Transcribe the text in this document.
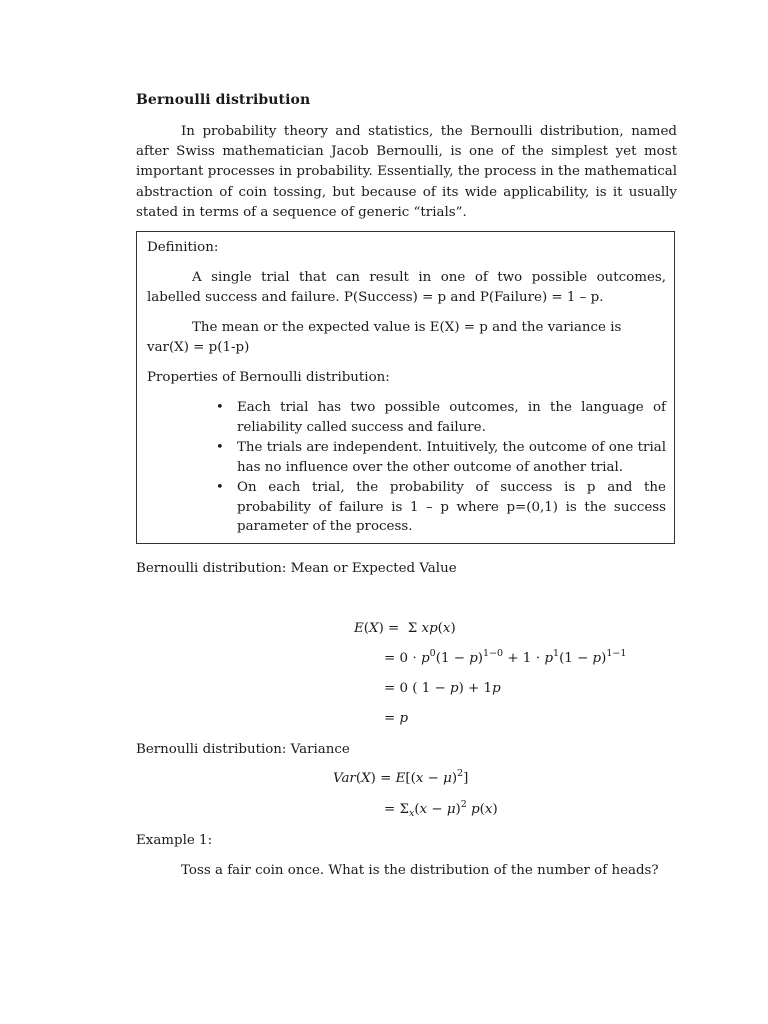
Bernoulli distribution
In probability theory and statistics, the Bernoulli distribution, named after Swiss mathematician Jacob Bernoulli, is one of the simplest yet most important processes in probability. Essentially, the process in the mathematical abstraction of coin tossing, but because of its wide applicability, is it usually stated in terms of a sequence of generic “trials”.
Definition:
A single trial that can result in one of two possible outcomes, labelled success and failure. P(Success) = p and P(Failure) = 1 – p.
The mean or the expected value is E(X) = p and the variance is var(X) = p(1-p)
Properties of Bernoulli distribution:
• Each trial has two possible outcomes, in the language of reliability called success and failure.
• The trials are independent. Intuitively, the outcome of one trial has no influence over the other outcome of another trial.
• On each trial, the probability of success is p and the probability of failure is 1 – p where p=(0,1) is the success parameter of the process.
Bernoulli distribution: Mean or Expected Value
E(X) =  Σ xp(x)
= $0 \cdot p^0(1 - p)^{1-0} + 1 \cdot p^1(1 - p)^{1-1}$
= 0 ( 1 − p) + 1p
= p
Bernoulli distribution: Variance
$Var(X) = E[(x - \mu)^2]$
= $\Sigma_x(x - \mu)^2$ p(x)
Example 1:
Toss a fair coin once. What is the distribution of the number of heads?
